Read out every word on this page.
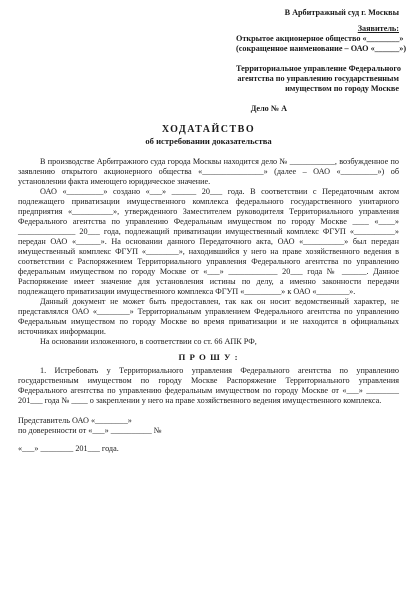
В Арбитражный суд г. Москвы
Заявитель:
Открытое акционерное общество «________»
(сокращенное наименование – ОАО «______»)
Территориальное управление Федерального
агентства по управлению государственным
имуществом по городу Москве
Дело № А
ХОДАТАЙСТВО
об истребовании доказательства

В производстве Арбитражного суда города Москвы находится дело № ___________, возбужденное по заявлению открытого акционерного общества «_______________» (далее – ОАО «_________») об установлении факта имеющего юридическое значение.

ОАО «_________» создано «___» ______ 20___ года. В соответствии с Передаточным актом подлежащего приватизации имущественного комплекса федерального государственного унитарного предприятия «__________», утвержденного Заместителем руководителя Территориального управления Федерального агентства по управлению Федеральным имуществом по городу Москве ____ «____» ______________ 20___ года, подлежащий приватизации имущественный комплекс ФГУП «__________» передан ОАО «______». На основании данного Передаточного акта, ОАО «__________» был передан имущественный комплекс ФГУП «________», находившийся у него на праве хозяйственного ведения в соответствии с Распоряжением Территориального управления Федерального агентства по управлению федеральным имуществом по городу Москве от «___» ____________ 20___ года № ______. Данное Распоряжение имеет значение для установления истины по делу, а именно законности передачи подлежащего приватизации имущественного комплекса ФГУП «_________» к ОАО «________».

Данный документ не может быть предоставлен, так как он носит ведомственный характер, не представлялся ОАО «________» Территориальным управлением Федерального агентства по управлению Федеральным имуществом по городу Москве во время приватизации и не находится в официальных источниках информации.

На основании изложенного, в соответствии со ст. 66 АПК РФ,

П Р О Ш У :

1. Истребовать у Территориального управления Федерального агентства по управлению государственным имуществом по городу Москве Распоряжение Территориального управления Федерального агентства по управлению федеральным имуществом по городу Москве от «___» ________ 201___ года № ____ о закреплении у него на праве хозяйственного ведения имущественного комплекса.

Представитель ОАО «________»
по доверенности от «___» __________ №
«___» ________ 201___ года.
